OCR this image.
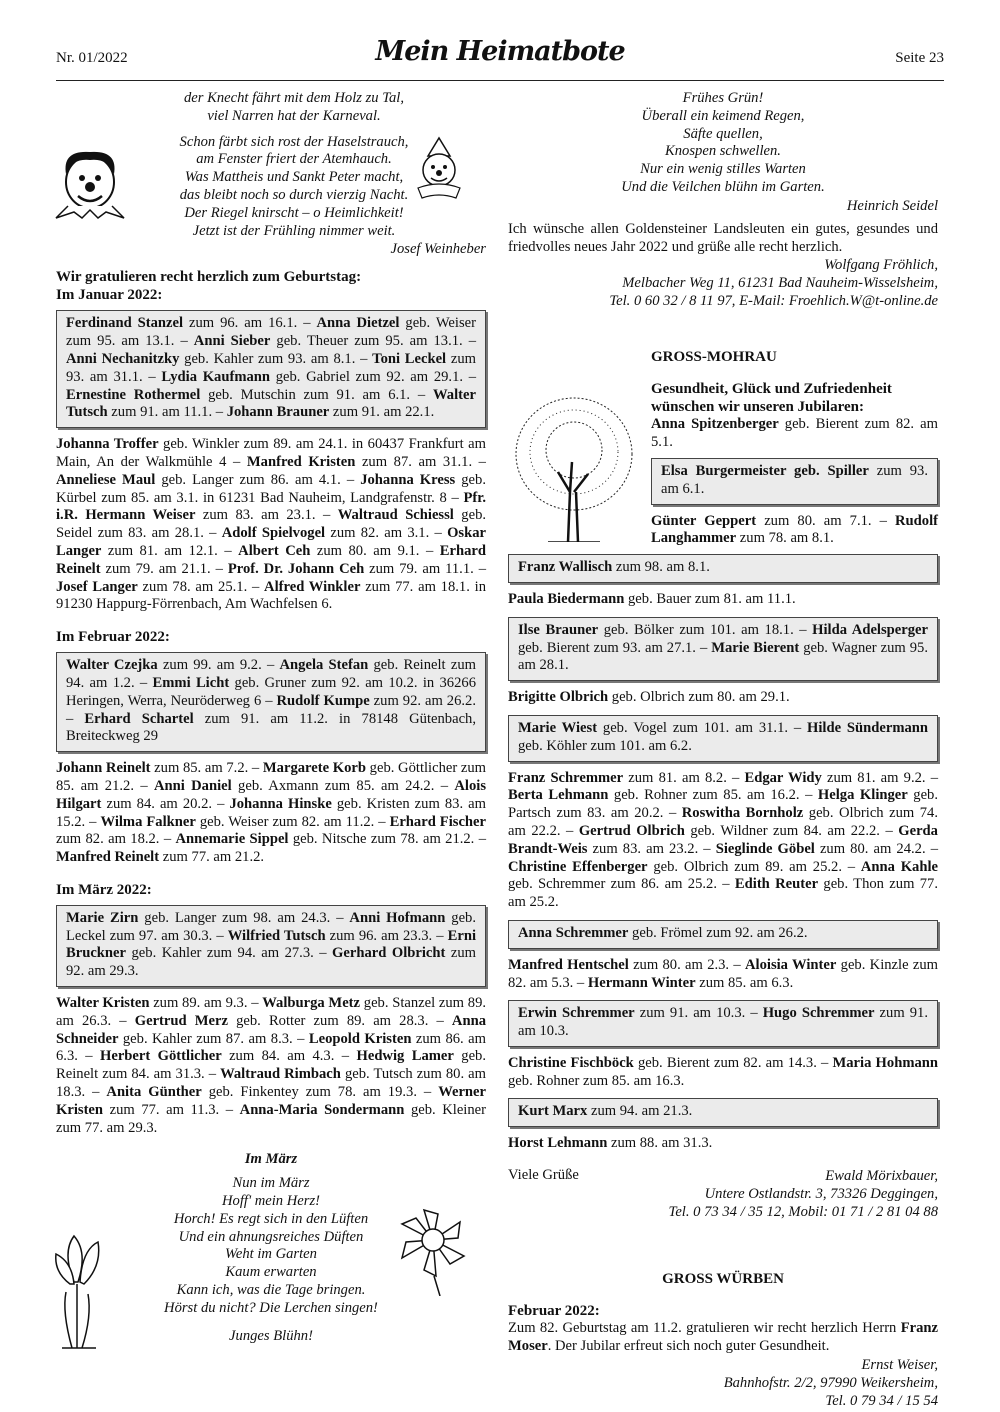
Nr. 01/2022	Mein Heimatbote	Seite 23
der Knecht fährt mit dem Holz zu Tal,
viel Narren hat der Karneval.

Schon färbt sich rost der Haselstrauch,
am Fenster friert der Atemhauch.
Was Mattheis und Sankt Peter macht,
das bleibt noch so durch vierzig Nacht.
Der Riegel knirscht – o Heimlichkeit!
Jetzt ist der Frühling nimmer weit.
Josef Weinheber
Wir gratulieren recht herzlich zum Geburtstag:
Im Januar 2022:
Ferdinand Stanzel zum 96. am 16.1. – Anna Dietzel geb. Weiser zum 95. am 13.1. – Anni Sieber geb. Theuer zum 95. am 13.1. – Anni Nechanitzky geb. Kahler zum 93. am 8.1. – Toni Leckel zum 93. am 31.1. – Lydia Kaufmann geb. Gabriel zum 92. am 29.1. – Ernestine Rothermel geb. Mutschin zum 91. am 6.1. – Walter Tutsch zum 91. am 11.1. – Johann Brauner zum 91. am 22.1.
Johanna Troffer geb. Winkler zum 89. am 24.1. in 60437 Frankfurt am Main, An der Walkmühle 4 – Manfred Kristen zum 87. am 31.1. – Anneliese Maul geb. Langer zum 86. am 4.1. – Johanna Kress geb. Kürbel zum 85. am 3.1. in 61231 Bad Nauheim, Landgrafenstr. 8 – Pfr. i.R. Hermann Weiser zum 83. am 23.1. – Waltraud Schiessl geb. Seidel zum 83. am 28.1. – Adolf Spielvogel zum 82. am 3.1. – Oskar Langer zum 81. am 12.1. – Albert Ceh zum 80. am 9.1. – Erhard Reinelt zum 79. am 21.1. – Prof. Dr. Johann Ceh zum 79. am 11.1. – Josef Langer zum 78. am 25.1. – Alfred Winkler zum 77. am 18.1. in 91230 Happurg-Förrenbach, Am Wachfelsen 6.
Im Februar 2022:
Walter Czejka zum 99. am 9.2. – Angela Stefan geb. Reinelt zum 94. am 1.2. – Emmi Licht geb. Gruner zum 92. am 10.2. in 36266 Heringen, Werra, Neuröderweg 6 – Rudolf Kumpe zum 92. am 26.2. – Erhard Schartel zum 91. am 11.2. in 78148 Gütenbach, Breiteckweg 29
Johann Reinelt zum 85. am 7.2. – Margarete Korb geb. Göttlicher zum 85. am 21.2. – Anni Daniel geb. Axmann zum 85. am 24.2. – Alois Hilgart zum 84. am 20.2. – Johanna Hinske geb. Kristen zum 83. am 15.2. – Wilma Falkner geb. Weiser zum 82. am 11.2. – Erhard Fischer zum 82. am 18.2. – Annemarie Sippel geb. Nitsche zum 78. am 21.2. – Manfred Reinelt zum 77. am 21.2.
Im März 2022:
Marie Zirn geb. Langer zum 98. am 24.3. – Anni Hofmann geb. Leckel zum 97. am 30.3. – Wilfried Tutsch zum 96. am 23.3. – Erni Bruckner geb. Kahler zum 94. am 27.3. – Gerhard Olbricht zum 92. am 29.3.
Walter Kristen zum 89. am 9.3. – Walburga Metz geb. Stanzel zum 89. am 26.3. – Gertrud Merz geb. Rotter zum 89. am 28.3. – Anna Schneider geb. Kahler zum 87. am 8.3. – Leopold Kristen zum 86. am 6.3. – Herbert Göttlicher zum 84. am 4.3. – Hedwig Lamer geb. Reinelt zum 84. am 31.3. – Waltraud Rimbach geb. Tutsch zum 80. am 18.3. – Anita Günther geb. Finkentey zum 78. am 19.3. – Werner Kristen zum 77. am 11.3. – Anna-Maria Sondermann geb. Kleiner zum 77. am 29.3.
Im März
Nun im März
Hoff' mein Herz!
Horch! Es regt sich in den Lüften
Und ein ahnungsreiches Düften
Weht im Garten
Kaum erwarten
Kann ich, was die Tage bringen.
Hörst du nicht? Die Lerchen singen!
Junges Blühn!
Frühes Grün!
Überall ein keimend Regen,
Säfte quellen,
Knospen schwellen.
Nur ein wenig stilles Warten
Und die Veilchen blühn im Garten.
Heinrich Seidel
Ich wünsche allen Goldensteiner Landsleuten ein gutes, gesundes und friedvolles neues Jahr 2022 und grüße alle recht herzlich.
Wolfgang Fröhlich,
Melbacher Weg 11, 61231 Bad Nauheim-Wisselsheim,
Tel. 0 60 32 / 8 11 97, E-Mail: Froehlich.W@t-online.de
GROSS-MOHRAU
Gesundheit, Glück und Zufriedenheit wünschen wir unseren Jubilaren:
Anna Spitzenberger geb. Bierent zum 82. am 5.1.
Elsa Burgermeister geb. Spiller zum 93. am 6.1.
Günter Geppert zum 80. am 7.1. – Rudolf Langhammer zum 78. am 8.1.
Franz Wallisch zum 98. am 8.1.
Paula Biedermann geb. Bauer zum 81. am 11.1.
Ilse Brauner geb. Bölker zum 101. am 18.1. – Hilda Adelsperger geb. Bierent zum 93. am 27.1. – Marie Bierent geb. Wagner zum 95. am 28.1.
Brigitte Olbrich geb. Olbrich zum 80. am 29.1.
Marie Wiest geb. Vogel zum 101. am 31.1. – Hilde Sündermann geb. Köhler zum 101. am 6.2.
Franz Schremmer zum 81. am 8.2. – Edgar Widy zum 81. am 9.2. – Berta Lehmann geb. Rohner zum 85. am 16.2. – Helga Klinger geb. Partsch zum 83. am 20.2. – Roswitha Bornholz geb. Olbrich zum 74. am 22.2. – Gertrud Olbrich geb. Wildner zum 84. am 22.2. – Gerda Brandt-Weis zum 83. am 23.2. – Sieglinde Göbel zum 80. am 24.2. – Christine Effenberger geb. Olbrich zum 89. am 25.2. – Anna Kahle geb. Schremmer zum 86. am 25.2. – Edith Reuter geb. Thon zum 77. am 25.2.
Anna Schremmer geb. Frömel zum 92. am 26.2.
Manfred Hentschel zum 80. am 2.3. – Aloisia Winter geb. Kinzle zum 82. am 5.3. – Hermann Winter zum 85. am 6.3.
Erwin Schremmer zum 91. am 10.3. – Hugo Schremmer zum 91. am 10.3.
Christine Fischböck geb. Bierent zum 82. am 14.3. – Maria Hohmann geb. Rohner zum 85. am 16.3.
Kurt Marx zum 94. am 21.3.
Horst Lehmann zum 88. am 31.3.
Viele Grüße	Ewald Mörixbauer,
Untere Ostlandstr. 3, 73326 Deggingen,
Tel. 0 73 34 / 35 12, Mobil: 01 71 / 2 81 04 88
GROSS WÜRBEN
Februar 2022:
Zum 82. Geburtstag am 11.2. gratulieren wir recht herzlich Herrn Franz Moser. Der Jubilar erfreut sich noch guter Gesundheit.
Ernst Weiser,
Bahnhofstr. 2/2, 97990 Weikersheim,
Tel. 0 79 34 / 15 54
